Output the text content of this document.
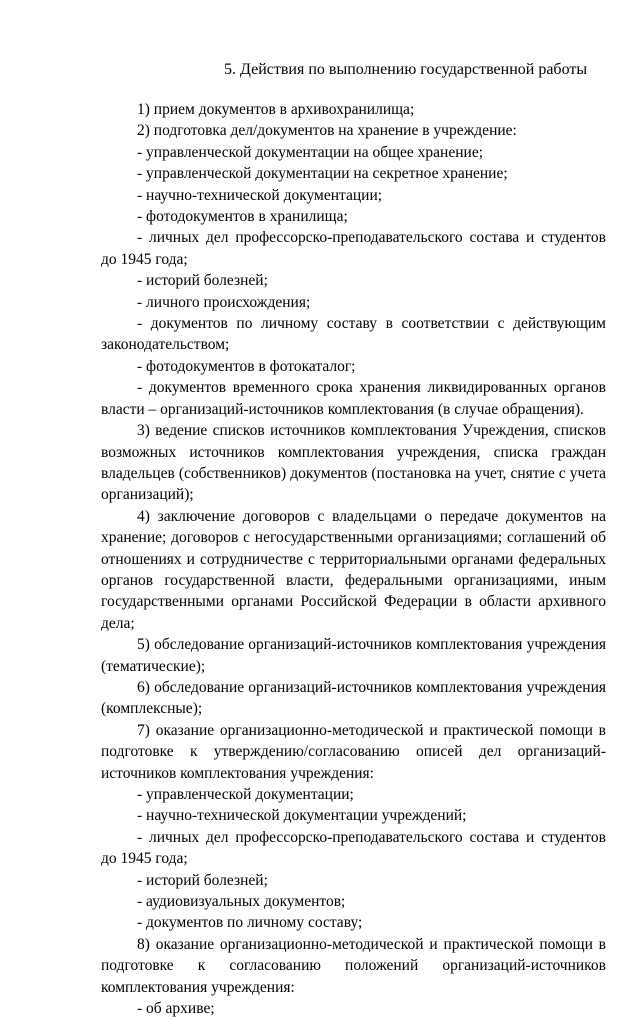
5. Действия по выполнению государственной работы

1) прием документов в архивохранилища;

2) подготовка дел/документов на хранение в учреждение:

- управленческой документации на общее хранение;

- управленческой документации на секретное хранение;

- научно-технической документации;

- фотодокументов в хранилища;

- личных дел профессорско-преподавательского состава и студентов до 1945 года;

- историй болезней;

- личного происхождения;

- документов по личному составу в соответствии с действующим законодательством;

- фотодокументов в фотокаталог;

- документов временного срока хранения ликвидированных органов власти – организаций-источников комплектования (в случае обращения).

3) ведение списков источников комплектования Учреждения, списков возможных источников комплектования учреждения, списка граждан владельцев (собственников) документов (постановка на учет, снятие с учета организаций);

4) заключение договоров с владельцами о передаче документов на хранение; договоров с негосударственными организациями; соглашений об отношениях и сотрудничестве с территориальными органами федеральных органов государственной власти, федеральными организациями, иным государственными органами Российской Федерации в области архивного дела;

5) обследование организаций-источников комплектования учреждения (тематические);

6) обследование организаций-источников комплектования учреждения (комплексные);

7) оказание организационно-методической и практической помощи в подготовке к утверждению/согласованию описей дел организаций-источников комплектования учреждения:

- управленческой документации;

- научно-технической документации учреждений;

- личных дел профессорско-преподавательского состава и студентов до 1945 года;

- историй болезней;

- аудиовизуальных документов;

- документов по личному составу;

8) оказание организационно-методической и практической помощи в подготовке к согласованию положений организаций-источников комплектования учреждения:

- об архиве;
